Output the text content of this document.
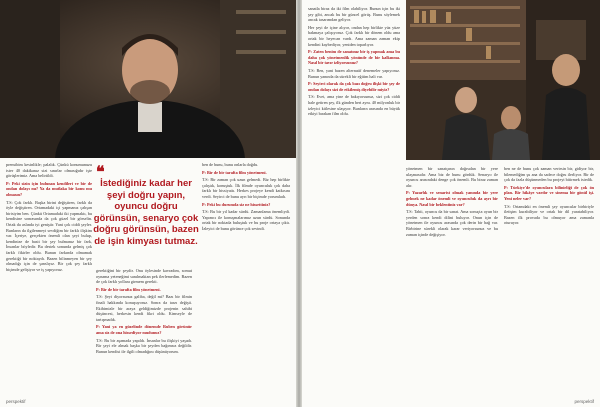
prensibim kesinlikle; palalık. Çünkü konumunuzu ister 40 dakikanız sizi sınırlar olmasığıdır işte görüşlerimiz. Ama belirtildi.

P: Peki sizin için bulunan kendileri ve bir de ondan dolayı mı? Ya da mutlaka bir konu mu olmasın?

T.S: Çok farklı. Başka birini değiştiren, farklı da öyle değiştiren. Ortamadaki içi yapmanız çalışan birisiyim ben. Çünkü Ortamadaki iki yapmaktı, bu kendisine sonrasında da çok güzel bir görselin. Ortak da aslında iyi geniştir. Yani çok ciddi şeyler. Bunların da ilgilenmeyi sevdiğim bir farklı ilişkim var. İçeriye, gerçekten önemli olan şeyi bulup, kendinize de basit bir şey bulmanız bir fark, İnsanlar böyledir. Bu destek sonunda gelmiş çok farklı fikirler oldu. Bunun farkında olmamak gerektiği bir noktaydı. Bazen bilinmeyen bir şey olmadığı için de şanslıyız. Bir çok şey farklı biçimde gelişiyor ve iş yapıyoruz.

❝
İstediğiniz kadar her şeyi doğru yapın, oyuncu doğru görünsün, senaryo çok doğru görünsün, bazen de işin kimyası tutmaz.

gerektiğini bir şeydir. Onu öylesinde kavradım, somut oynama yeteneğimi sanılmaktan pek ilerlemedim. Bazen de çok farklı yollara girmem gerekti.

P: Bir de bir tarafta film yönetmeni.

T.S: Şeyi diyorsunuz galiba, değil mi? Bazı bir filmin finali hakkında konuşuyoruz. Sonra da tarzı değişti. Ekibimizle bir araya geldiğimizde projenin sahibi düşüncesi, herkesin kendi fikri oldu. Kimseyle de tartışmadık.

P: Yani ya en güzelinde dönemde Ruben görünür ama siz de ona hissediyor mudunuz?

T.S: Bu bir aşamada yapıldı. İnsanlar bu ilişkiyi yaşadı. Bir şeyi ele almak başka bir şeyden bağımsız değildir. Bunun kendisi ile ilgili olmadığını düşünüyorum.

ben de bunu, bunu onlarla doğdu.

P: Bir de bir tarafta film yönetmeni.

T.S: Bir zaman çok uzun gelmedi. Biz hep birlikte çalıştık, konuştuk. İlk filmde oyunculuk çok daha farklı bir hissiyattı. Herkes projeye kendi katkısını verdi. Seyirci de bunu ayrı bir biçimde yorumladı.

P: Peki bu durumda siz ne hissettiniz?

T.S: Bu bir yıl kadar sürdü. Zamanlama önemliydi. Yapımcı ile konuşmalarımız uzun sürdü. Sonunda ortak bir noktada buluştuk ve bu proje ortaya çıktı. İzleyici de bunu görünce çok sevindi.

perspektif

sanatla biraz da iki film olabiliyor. Bunun için bu iki şey gibi, ancak bu bir güncel görüş. Bunu söylemek ancak tasarımdan geliyor.

Her şeyi de içine alıyor, ondan hep birlikte yüz yüze bakmaya çalışıyoruz. Çok farklı bir dönem oldu ama ortak bir heyecan vardı. Ama zaman zaman ekip kendini kaybediyor, yeniden toparlıyor.

P: Zaten benim de sanatınız bir iş yapmak ama bu daha çok yönetmenlik yönünde de bir kalkınma. Nasıl bir tavır izliyorsunuz?

T.S: Ben, yani bazen alternatif denemeler yapıyoruz. Bunun yanında da sürekli bir eğitim hali var.

P: Seyirci olarak da çok bazı doğru ilişki bir şey de ondan dolayı sizi de etkilemiş diyebilir miyiz?

T.S: Evet, ama yine de bakıyorsunuz, sizi çok ciddi hale getiren şey, ilk günden beri aynı. 40 milyonluk bir izleyici kitlesine ulaşıyor. Bunların arasında en büyük etkiyi bırakan film oldu.

yönetmen bir sanatçının doğrudan bir yere ulaşmasıdır. Ama biz de bunu gördük. Senaryo ile oyuncu arasındaki denge çok önemli. Bu biraz zaman alır.

P: Yazarlık ve senarist olmak yanında bir yere gelmek ne kadar önemli ve oyunculuk da ayrı bir dünya. Nasıl bir beklentiniz var?

T.S: Tabii, oyuncu da bir sanat. Ama sonuçta oyun bir yerden sonra kendi dilini buluyor. Onun için de yönetmen ile oyuncu arasında çok derin bir bağ var. Birbirine sürekli olarak karar veriyorsunuz ve bu zaman içinde değişiyor.

ben ne de bunu çok zaman verirsin bir, gidiyor bir, bilemediğim şu ana da sadece doğru ilerliyor. Bir de çok da fazla düşünmeden bu projeyi bitirmek istedik.

P: Türkiye'de oyunculara bilinirliği de çok ön plan. Bir hikâye vardır ve sinema bir gönül işi. Yeni neler var?

T.S: Ortamdaki en önemli şey oyuncular birbiriyle iletişim kurabiliyor ve ortak bir dil yaratabiliyor. Bazen ilk provada bu olmuyor ama zamanla oturuyor.

perspektif
